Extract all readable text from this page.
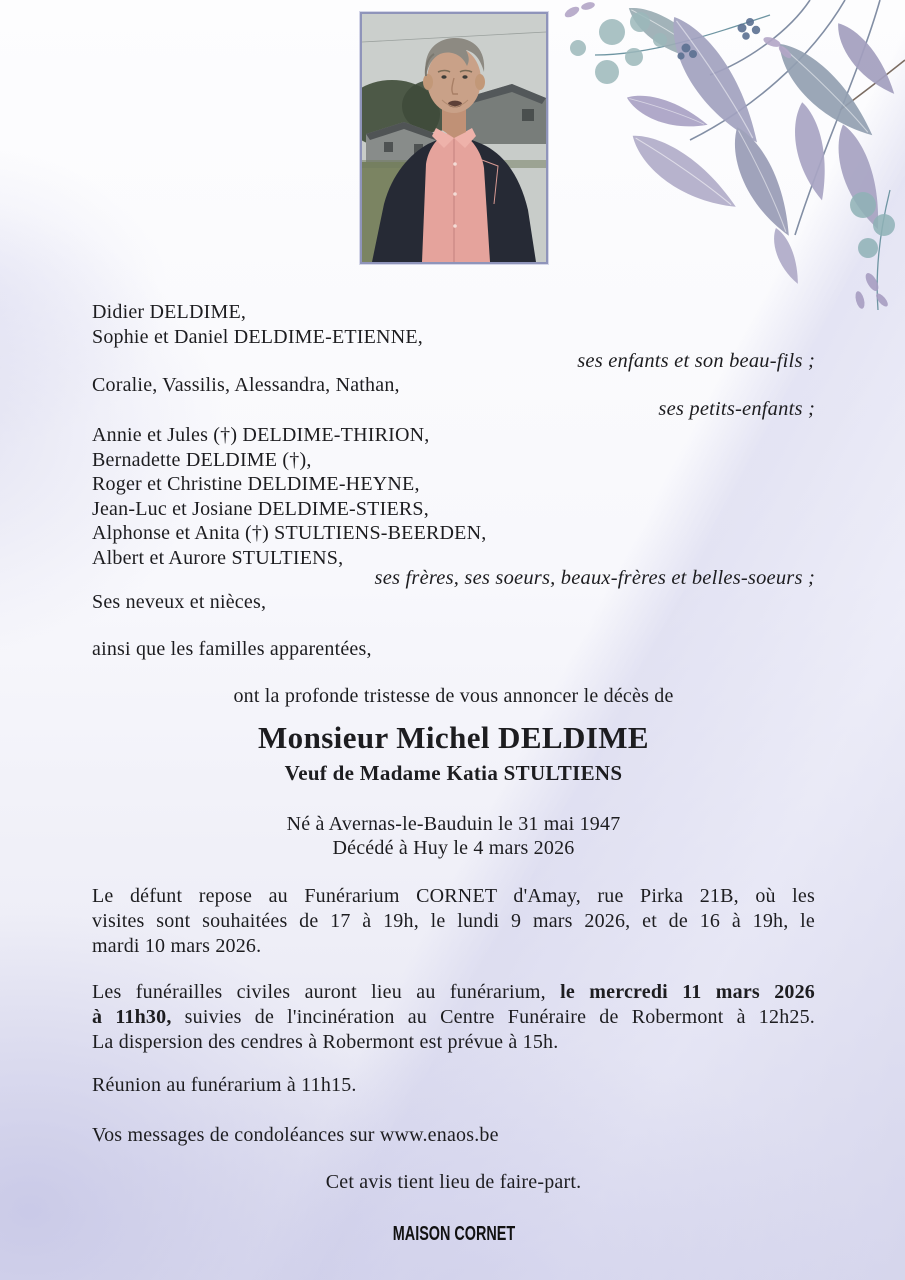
Didier DELDIME,
Sophie et Daniel DELDIME-ETIENNE,
ses enfants et son beau-fils ;
Coralie, Vassilis, Alessandra, Nathan,
ses petits-enfants ;
Annie et Jules (†) DELDIME-THIRION,
Bernadette DELDIME (†),
Roger et Christine DELDIME-HEYNE,
Jean-Luc et Josiane DELDIME-STIERS,
Alphonse et Anita (†) STULTIENS-BEERDEN,
Albert et Aurore STULTIENS,
ses frères, ses soeurs, beaux-frères et belles-soeurs ;
Ses neveux et nièces,
ainsi que les familles apparentées,
ont la profonde tristesse de vous annoncer le décès de
Monsieur Michel DELDIME
Veuf de Madame Katia STULTIENS
Né à Avernas-le-Bauduin le 31 mai 1947
Décédé à Huy le 4 mars 2026
Le défunt repose au Funérarium CORNET d'Amay, rue Pirka 21B, où les
visites sont souhaitées de 17 à 19h, le lundi 9 mars 2026, et de 16 à 19h, le
mardi 10 mars 2026.
Les funérailles civiles auront lieu au funérarium, le mercredi 11 mars 2026
à 11h30, suivies de l'incinération au Centre Funéraire de Robermont à 12h25.
La dispersion des cendres à Robermont est prévue à 15h.
Réunion au funérarium à 11h15.
Vos messages de condoléances sur www.enaos.be
Cet avis tient lieu de faire-part.
MAISON CORNET
